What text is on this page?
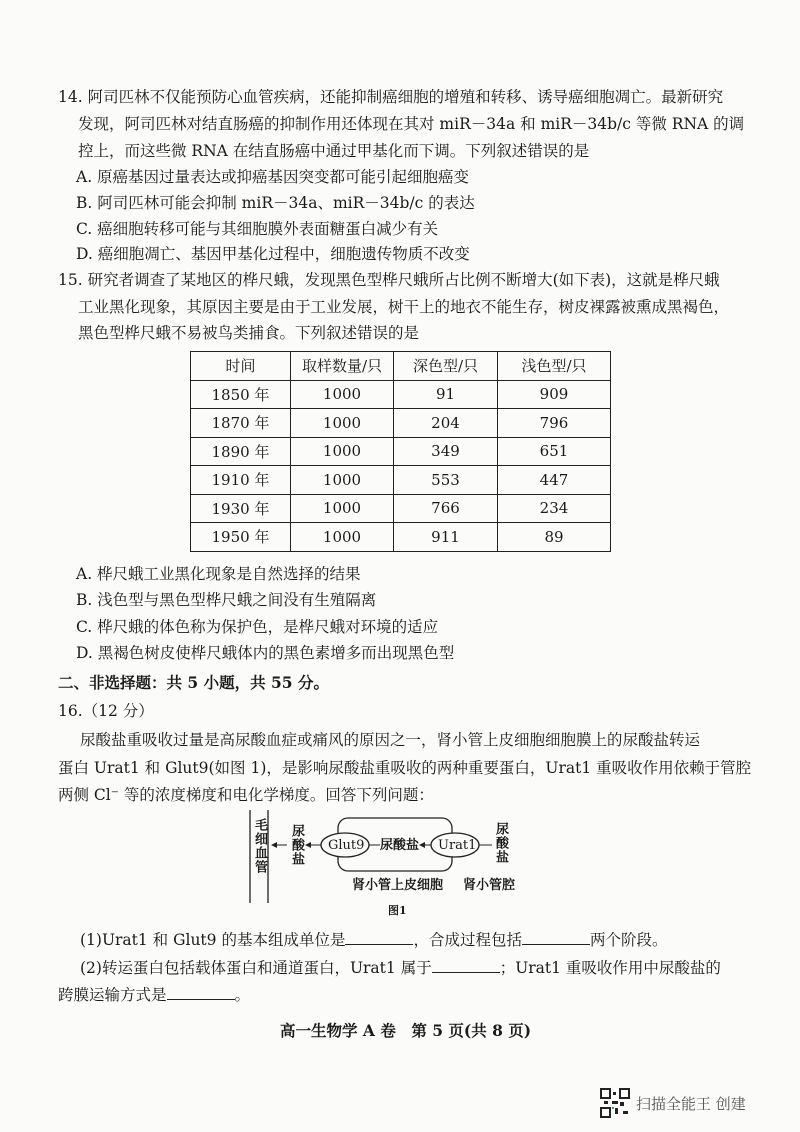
14. 阿司匹林不仅能预防心血管疾病，还能抑制癌细胞的增殖和转移、诱导癌细胞凋亡。最新研究
发现，阿司匹林对结直肠癌的抑制作用还体现在其对 miR－34a 和 miR－34b/c 等微 RNA 的调
控上，而这些微 RNA 在结直肠癌中通过甲基化而下调。下列叙述错误的是
A. 原癌基因过量表达或抑癌基因突变都可能引起细胞癌变
B. 阿司匹林可能会抑制 miR－34a、miR－34b/c 的表达
C. 癌细胞转移可能与其细胞膜外表面糖蛋白减少有关
D. 癌细胞凋亡、基因甲基化过程中，细胞遗传物质不改变
15. 研究者调查了某地区的桦尺蛾，发现黑色型桦尺蛾所占比例不断增大(如下表)，这就是桦尺蛾
工业黑化现象，其原因主要是由于工业发展，树干上的地衣不能生存，树皮裸露被熏成黑褐色，
黑色型桦尺蛾不易被鸟类捕食。下列叙述错误的是
时间	取样数量/只	深色型/只	浅色型/只
1850 年	1000	91	909
1870 年	1000	204	796
1890 年	1000	349	651
1910 年	1000	553	447
1930 年	1000	766	234
1950 年	1000	911	89
A. 桦尺蛾工业黑化现象是自然选择的结果
B. 浅色型与黑色型桦尺蛾之间没有生殖隔离
C. 桦尺蛾的体色称为保护色，是桦尺蛾对环境的适应
D. 黑褐色树皮使桦尺蛾体内的黑色素增多而出现黑色型
二、非选择题：共 5 小题，共 55 分。
16.（12 分）
尿酸盐重吸收过量是高尿酸血症或痛风的原因之一，肾小管上皮细胞细胞膜上的尿酸盐转运
蛋白 Urat1 和 Glut9(如图 1)，是影响尿酸盐重吸收的两种重要蛋白，Urat1 重吸收作用依赖于管腔
两侧 Cl⁻ 等的浓度梯度和电化学梯度。回答下列问题：
毛细血管 尿酸盐 Glut9 尿酸盐 Urat1 尿酸盐
肾小管上皮细胞 肾小管腔
图1
(1)Urat1 和 Glut9 的基本组成单位是	，合成过程包括	两个阶段。
(2)转运蛋白包括载体蛋白和通道蛋白，Urat1 属于	；Urat1 重吸收作用中尿酸盐的
跨膜运输方式是	。
高一生物学 A 卷　第 5 页(共 8 页)
扫描全能王 创建
